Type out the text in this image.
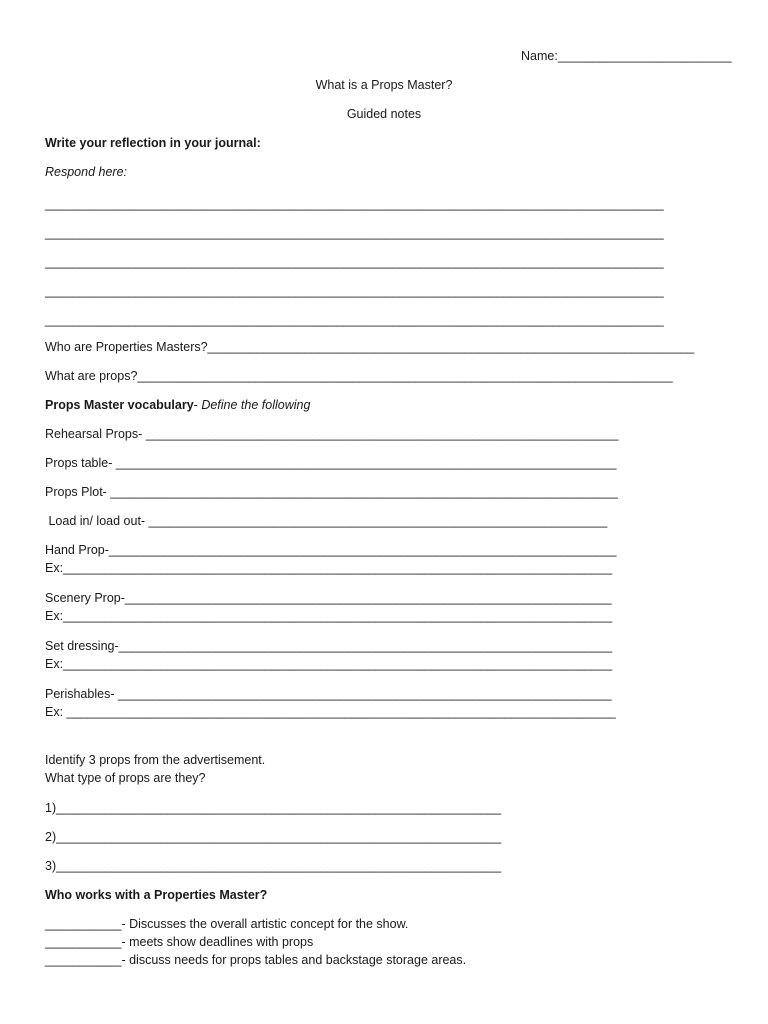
Name:_________________________
What is a Props Master?
Guided notes
Write your reflection in your journal:
Respond here:
_________________________________________________________________________________________
_________________________________________________________________________________________
_________________________________________________________________________________________
_________________________________________________________________________________________
_________________________________________________________________________________________
Who are Properties Masters?______________________________________________________________________
What are props?_____________________________________________________________________________
Props Master vocabulary- Define the following
Rehearsal Props- ____________________________________________________________________
Props table- ________________________________________________________________________
Props Plot- _________________________________________________________________________
Load in/ load out- __________________________________________________________________
Hand Prop-_________________________________________________________________________
Ex:_______________________________________________________________________________
Scenery Prop-______________________________________________________________________
Ex:_______________________________________________________________________________
Set dressing-_______________________________________________________________________
Ex:_______________________________________________________________________________
Perishables- _______________________________________________________________________
Ex: _______________________________________________________________________________
Identify 3 props from the advertisement.
What type of props are they?
1)________________________________________________________________
2)________________________________________________________________
3)________________________________________________________________
Who works with a Properties Master?
___________- Discusses the overall artistic concept for the show.
___________- meets show deadlines with props
___________- discuss needs for props tables and backstage storage areas.
